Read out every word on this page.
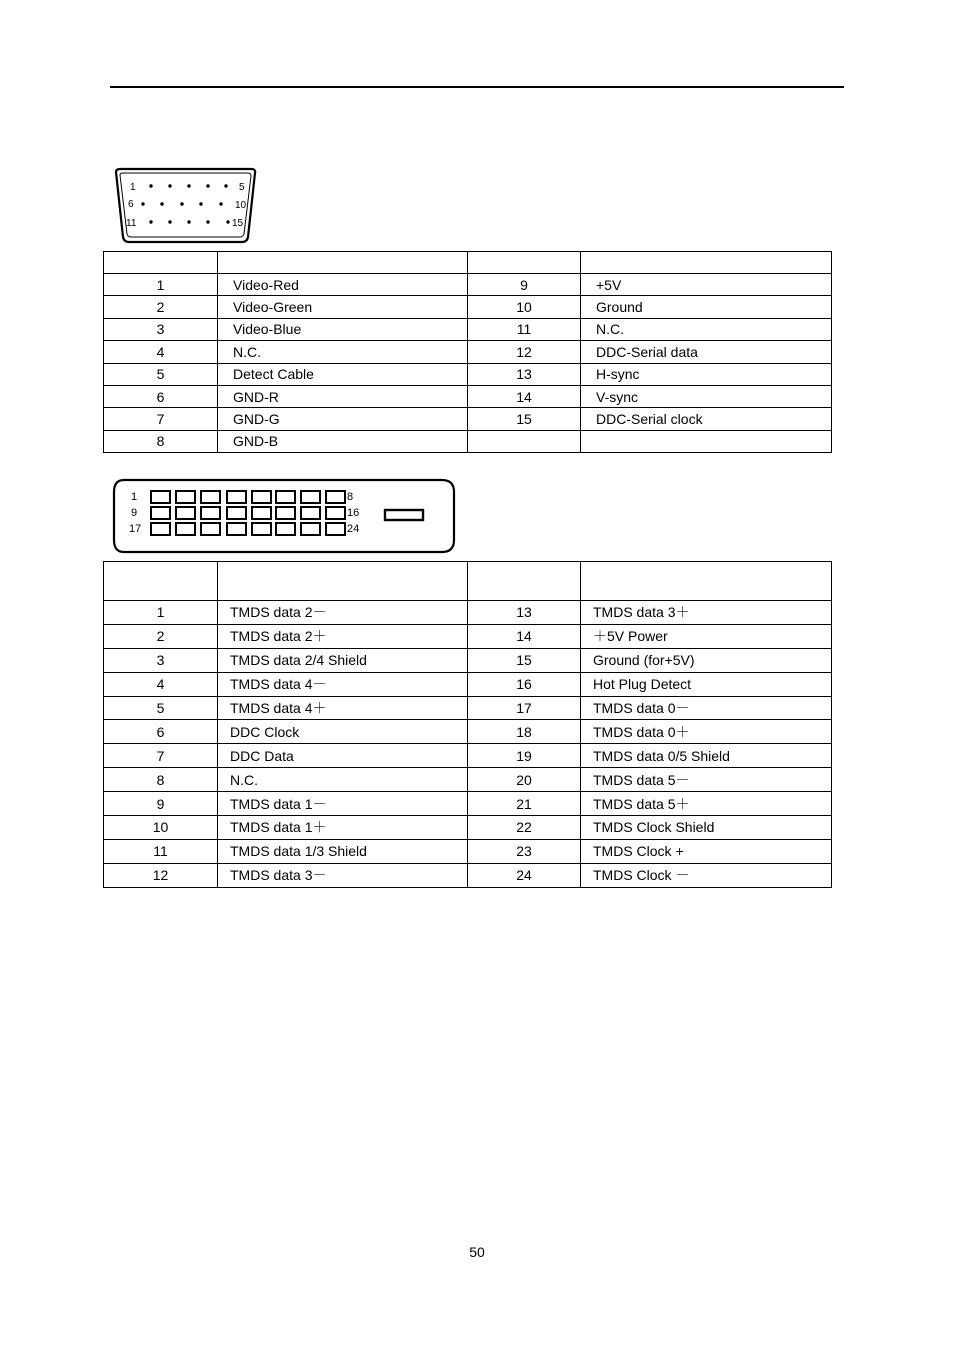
1	5
6	10
11	15

1	Video-Red	9	+5V
2	Video-Green	10	Ground
3	Video-Blue	11	N.C.
4	N.C.	12	DDC-Serial data
5	Detect Cable	13	H-sync
6	GND-R	14	V-sync
7	GND-G	15	DDC-Serial clock
8	GND-B		
1
9
17
8
16
24

1	TMDS data 2－	13	TMDS data 3＋
2	TMDS data 2＋	14	＋5V Power
3	TMDS data 2/4 Shield	15	Ground (for+5V)
4	TMDS data 4－	16	Hot Plug Detect
5	TMDS data 4＋	17	TMDS data 0－
6	DDC Clock	18	TMDS data 0＋
7	DDC Data	19	TMDS data 0/5 Shield
8	N.C.	20	TMDS data 5－
9	TMDS data 1－	21	TMDS data 5＋
10	TMDS data 1＋	22	TMDS Clock Shield
11	TMDS data 1/3 Shield	23	TMDS Clock +
12	TMDS data 3－	24	TMDS Clock －
50
